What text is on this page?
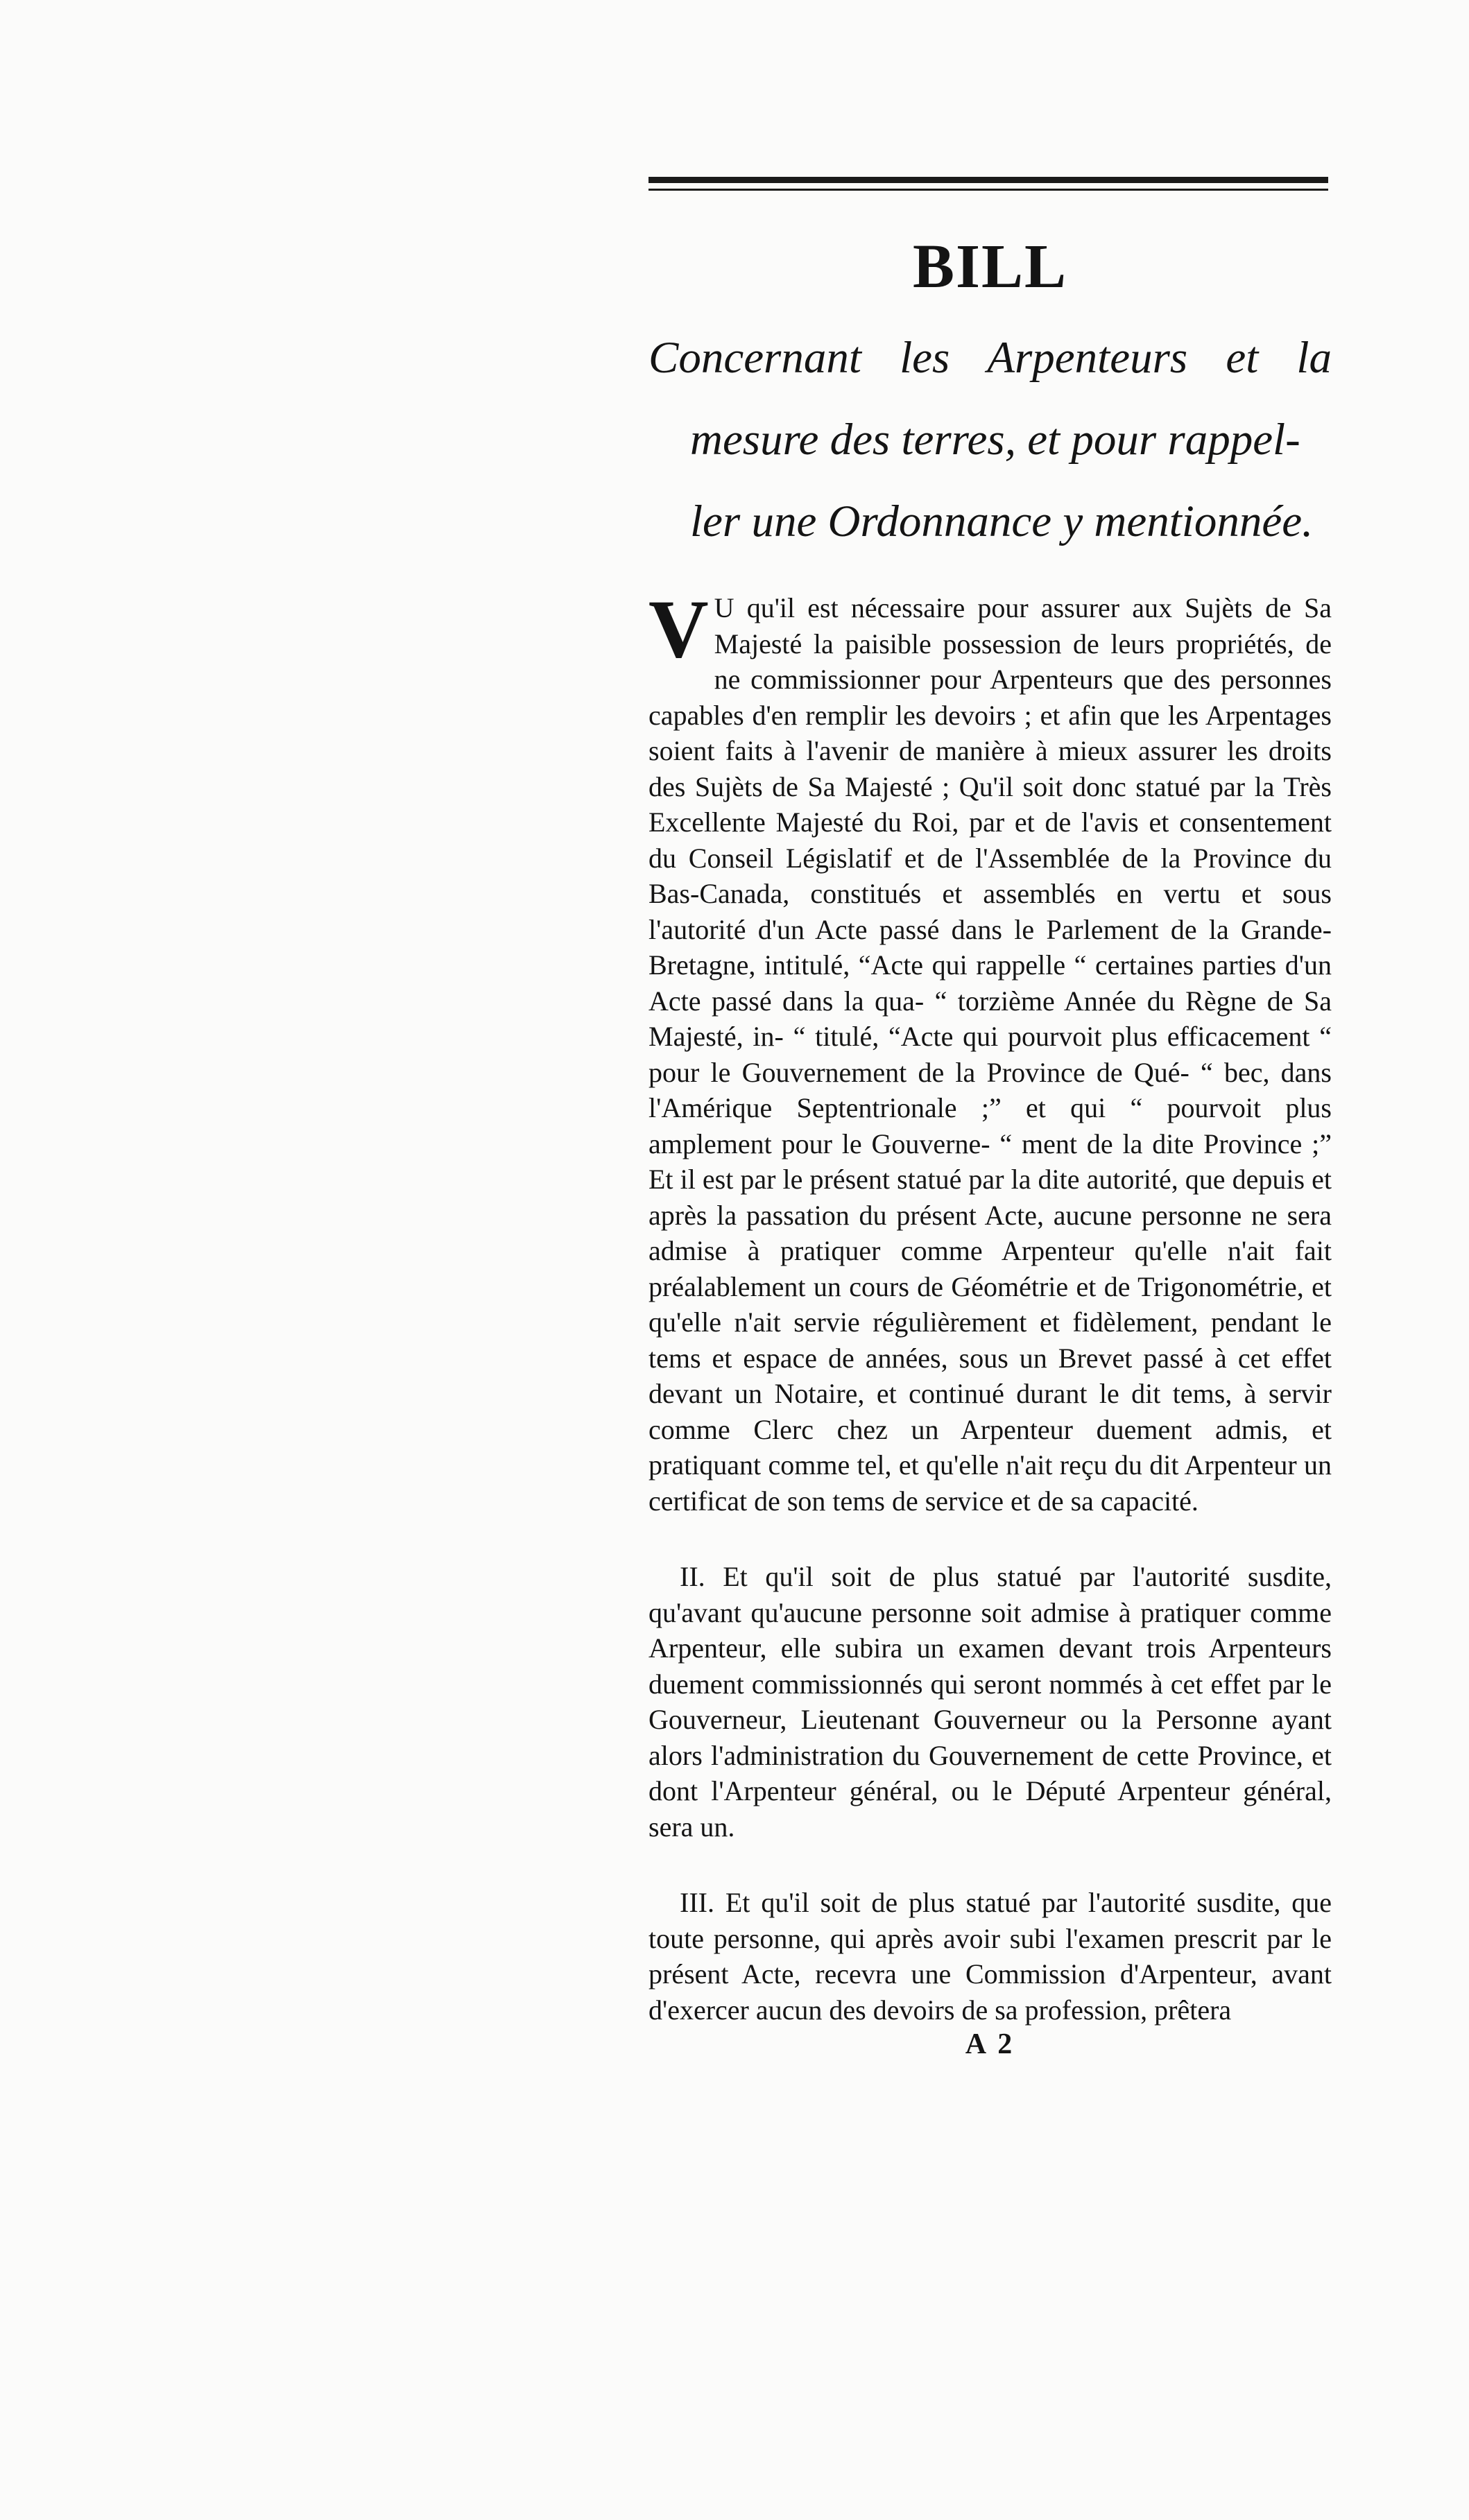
BILL
Concernant les Arpenteurs et la
mesure des terres, et pour rappel-
ler une Ordonnance y mentionnée.

V U qu'il est nécessaire pour assurer aux Sujèts de Sa Majesté la paisible possession de leurs propriétés, de ne commissionner pour Arpenteurs que des personnes capables d'en remplir les devoirs ; et afin que les Arpentages soient faits à l'avenir de manière à mieux assurer les droits des Sujèts de Sa Majesté ; Qu'il soit donc statué par la Très Excellente Majesté du Roi, par et de l'avis et consentement du Conseil Législatif et de l'Assemblée de la Province du Bas-Canada, constitués et assemblés en vertu et sous l'autorité d'un Acte passé dans le Parlement de la Grande-Bretagne, intitulé, “Acte qui rappelle “ certaines parties d'un Acte passé dans la qua- “ torzième Année du Règne de Sa Majesté, in- “ titulé, “Acte qui pourvoit plus efficacement “ pour le Gouvernement de la Province de Qué- “ bec, dans l'Amérique Septentrionale ;” et qui “ pourvoit plus amplement pour le Gouverne- “ ment de la dite Province ;” Et il est par le présent statué par la dite autorité, que depuis et après la passation du présent Acte, aucune personne ne sera admise à pratiquer comme Arpenteur qu'elle n'ait fait préalablement un cours de Géométrie et de Trigonométrie, et qu'elle n'ait servie régulièrement et fidèlement, pendant le tems et espace de années, sous un Brevet passé à cet effet devant un Notaire, et continué durant le dit tems, à servir comme Clerc chez un Arpenteur duement admis, et pratiquant comme tel, et qu'elle n'ait reçu du dit Arpenteur un certificat de son tems de service et de sa capacité.

II. Et qu'il soit de plus statué par l'autorité susdite, qu'avant qu'aucune personne soit admise à pratiquer comme Arpenteur, elle subira un examen devant trois Arpenteurs duement commissionnés qui seront nommés à cet effet par le Gouverneur, Lieutenant Gouverneur ou la Personne ayant alors l'administration du Gouvernement de cette Province, et dont l'Arpenteur général, ou le Député Arpenteur général, sera un.

III. Et qu'il soit de plus statué par l'autorité susdite, que toute personne, qui après avoir subi l'examen prescrit par le présent Acte, recevra une Commission d'Arpenteur, avant d'exercer aucun des devoirs de sa profession, prêtera

A 2
